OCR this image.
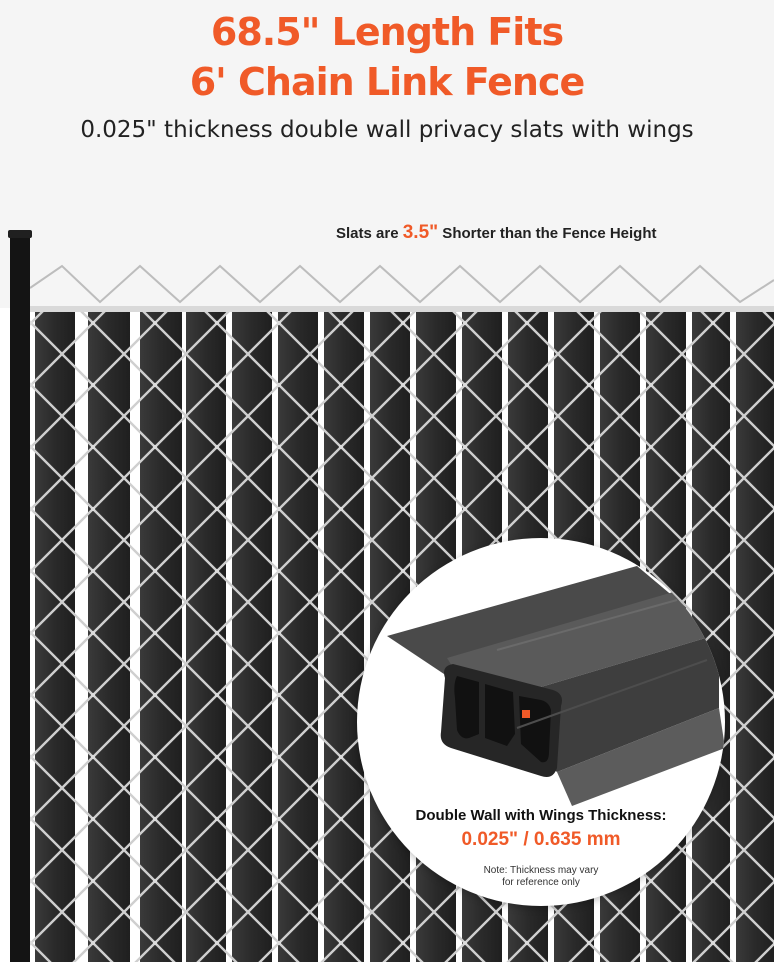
68.5" Length Fits
6' Chain Link Fence
0.025" thickness double wall privacy slats with wings
Slats are 3.5" Shorter than the Fence Height
Double Wall with Wings Thickness:
0.025" / 0.635 mm
Note: Thickness may vary
for reference only
